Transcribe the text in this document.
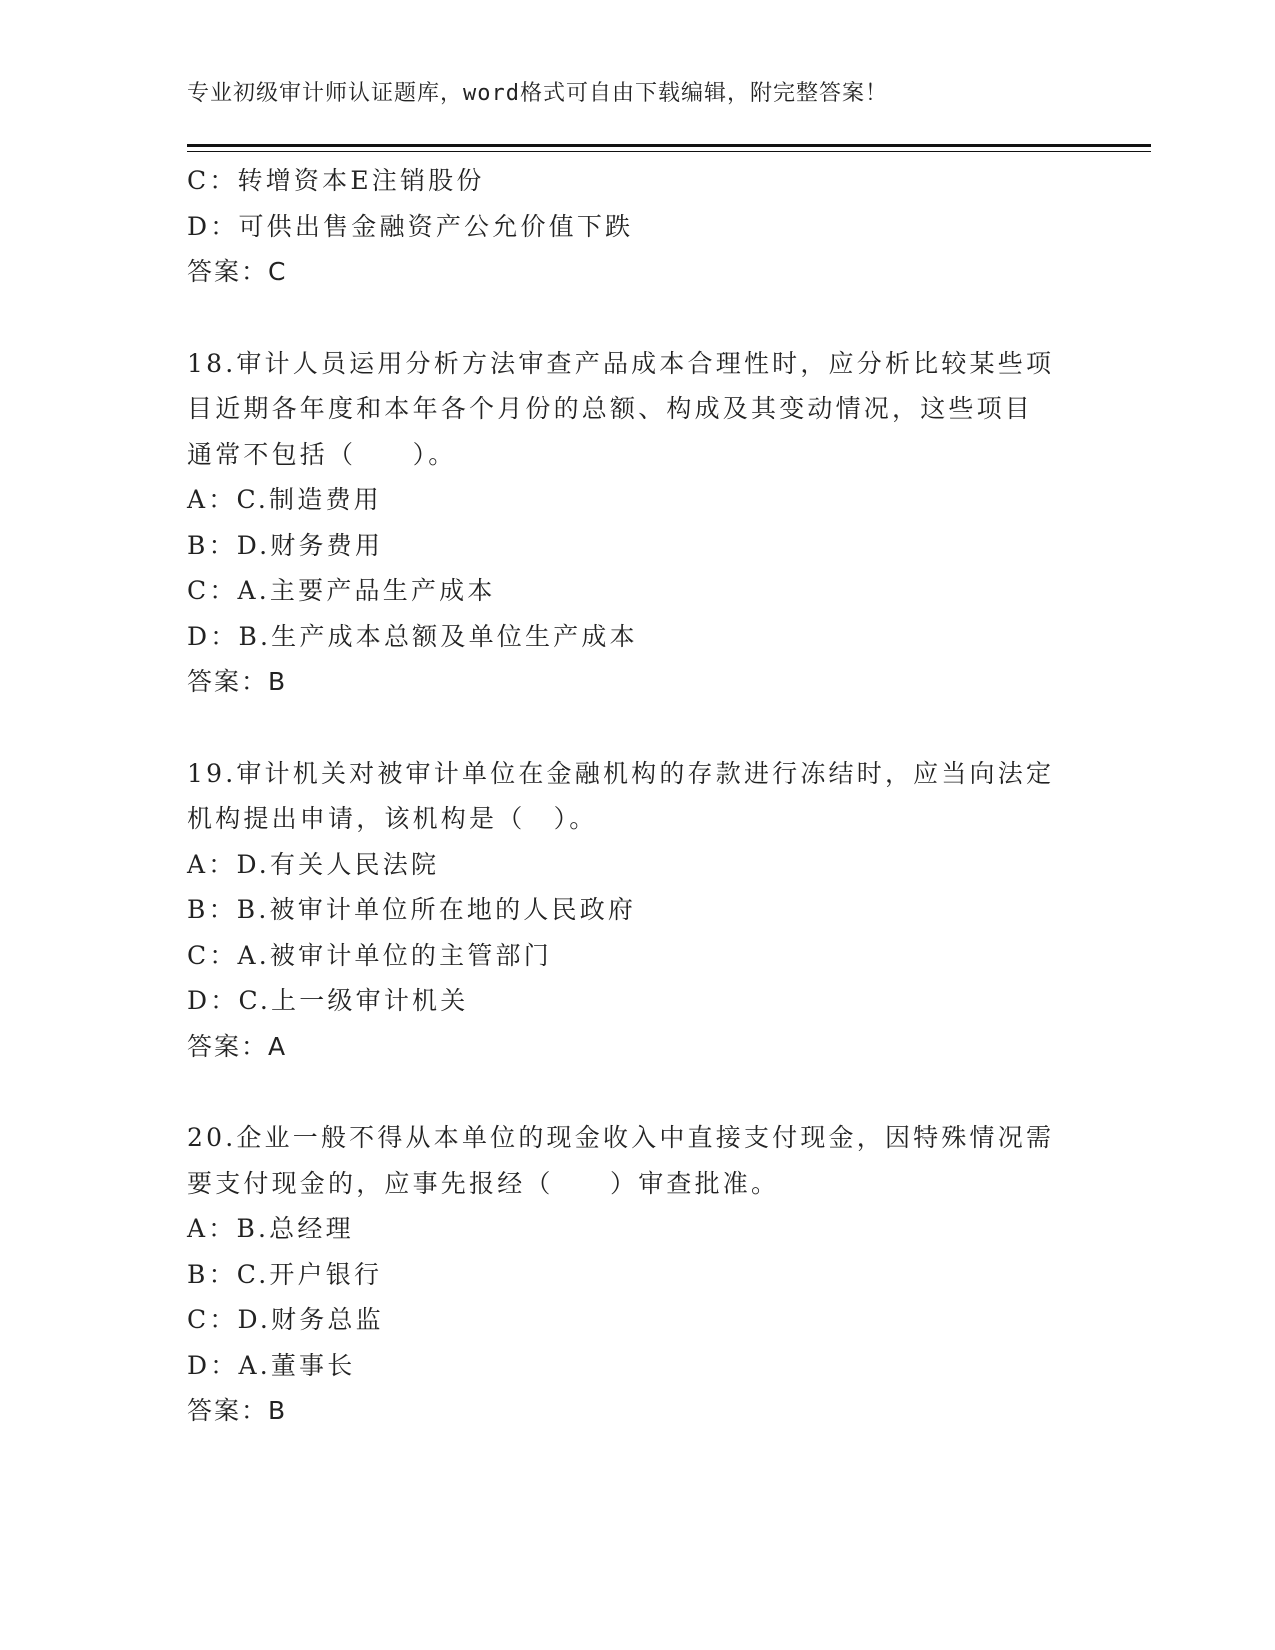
专业初级审计师认证题库，word格式可自由下载编辑，附完整答案！
C：转增资本E注销股份
D：可供出售金融资产公允价值下跌
答案：C
18.审计人员运用分析方法审查产品成本合理性时，应分析比较某些项
目近期各年度和本年各个月份的总额、构成及其变动情况，这些项目
通常不包括（　　）。
A：C.制造费用
B：D.财务费用
C：A.主要产品生产成本
D：B.生产成本总额及单位生产成本
答案：B
19.审计机关对被审计单位在金融机构的存款进行冻结时，应当向法定
机构提出申请，该机构是（　）。
A：D.有关人民法院
B：B.被审计单位所在地的人民政府
C：A.被审计单位的主管部门
D：C.上一级审计机关
答案：A
20.企业一般不得从本单位的现金收入中直接支付现金，因特殊情况需
要支付现金的，应事先报经（　　）审查批准。
A：B.总经理
B：C.开户银行
C：D.财务总监
D：A.董事长
答案：B
